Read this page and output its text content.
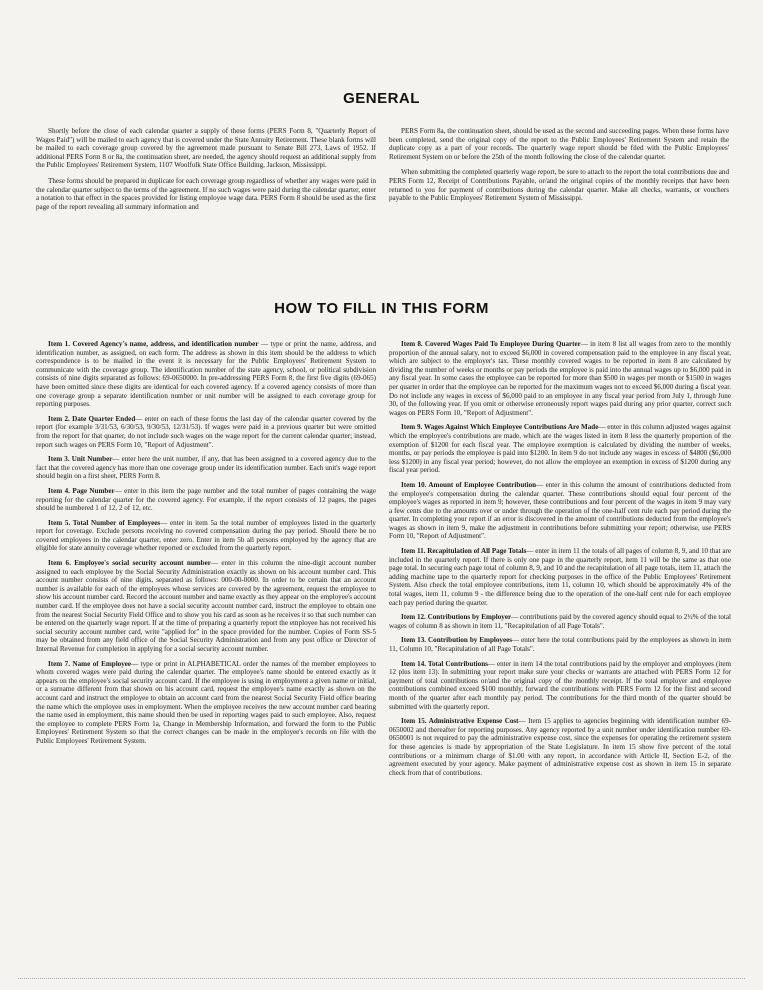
GENERAL

Shortly before the close of each calendar quarter a supply of these forms (PERS Form 8, "Quarterly Report of Wages Paid") will be mailed to each agency that is covered under the State Annuity Retirement. These blank forms will be mailed to each coverage group covered by the agreement made pursuant to Senate Bill 273, Laws of 1952. If additional PERS Form 8 or 8a, the continuation sheet, are needed, the agency should request an additional supply from the Public Employees' Retirement System, 1107 Woolfolk State Office Building, Jackson, Mississippi.

These forms should be prepared in duplicate for each coverage group regardless of whether any wages were paid in the calendar quarter subject to the terms of the agreement. If no such wages were paid during the calendar quarter, enter a notation to that effect in the spaces provided for listing employee wage data. PERS Form 8 should be used as the first page of the report revealing all summary information and

PERS Form 8a, the continuation sheet, should be used as the second and succeeding pages. When these forms have been completed, send the original copy of the report to the Public Employees' Retirement System and retain the duplicate copy as a part of your records. The quarterly wage report should be filed with the Public Employees' Retirement System on or before the 25th of the month following the close of the calendar quarter.

When submitting the completed quarterly wage report, be sure to attach to the report the total contributions due and PERS Form 12, Receipt of Contributions Payable, or/and the original copies of the monthly receipts that have been returned to you for payment of contributions during the calendar quarter. Make all checks, warrants, or vouchers payable to the Public Employees' Retirement System of Mississippi.

HOW TO FILL IN THIS FORM

Item 1. Covered Agency's name, address, and identification number — type or print the name, address, and identification number, as assigned, on each form. The address as shown in this item should be the address to which correspondence is to be mailed in the event it is necessary for the Public Employees' Retirement System to communicate with the coverage group. The identification number of the state agency, school, or political subdivision consists of nine digits separated as follows: 69-0650000. In pre-addressing PERS Form 8, the first five digits (69-065) have been omitted since these digits are identical for each covered agency. If a covered agency consists of more than one coverage group a separate identification number or unit number will be assigned to each coverage group for reporting purposes.

Item 2. Date Quarter Ended— enter on each of these forms the last day of the calendar quarter covered by the report (for example 3/31/53, 6/30/53, 9/30/53, 12/31/53). If wages were paid in a previous quarter but were omitted from the report for that quarter, do not include such wages on the wage report for the current calendar quarter; instead, report such wages on PERS Form 10, "Report of Adjustment".

Item 3. Unit Number— enter here the unit number, if any, that has been assigned to a covered agency due to the fact that the covered agency has more than one coverage group under its identification number. Each unit's wage report should begin on a first sheet, PERS Form 8.

Item 4. Page Number— enter in this item the page number and the total number of pages containing the wage reporting for the calendar quarter for the covered agency. For example, if the report consists of 12 pages, the pages should be numbered 1 of 12, 2 of 12, etc.

Item 5. Total Number of Employees— enter in item 5a the total number of employees listed in the quarterly report for coverage. Exclude persons receiving no covered compensation during the pay period. Should there be no covered employees in the calendar quarter, enter zero. Enter in item 5b all persons employed by the agency that are eligible for state annuity coverage whether reported or excluded from the quarterly report.

Item 6. Employee's social security account number— enter in this column the nine-digit account number assigned to each employee by the Social Security Administration exactly as shown on his account number card. This account number consists of nine digits, separated as follows: 000-00-0000. In order to be certain that an account number is available for each of the employees whose services are covered by the agreement, request the employee to show his account number card. Record the account number and name exactly as they appear on the employee's account number card. If the employee does not have a social security account number card, instruct the employee to obtain one from the nearest Social Security Field Office and to show you his card as soon as he receives it so that such number can be entered on the quarterly wage report. If at the time of preparing a quarterly report the employee has not received his social security account number card, write "applied for" in the space provided for the number. Copies of Form SS-5 may be obtained from any field office of the Social Security Administration and from any post office or Director of Internal Revenue for completion in applying for a social security account number.

Item 7. Name of Employee— type or print in ALPHABETICAL order the names of the member employees to whom covered wages were paid during the calendar quarter. The employee's name should be entered exactly as it appears on the employee's social security account card. If the employee is using in employment a given name or initial, or a surname different from that shown on his account card, request the employee's name exactly as shown on the account card and instruct the employee to obtain an account card from the nearest Social Security Field office bearing the name which the employee uses in employment. When the employee receives the new account number card bearing the name used in employment, this name should then be used in reporting wages paid to such employee. Also, request the employee to complete PERS Form 1a, Change in Membership Information, and forward the form to the Public Employees' Retirement System so that the correct changes can be made in the employee's records on file with the Public Employees' Retirement System.

Item 8. Covered Wages Paid To Employee During Quarter— in item 8 list all wages from zero to the monthly proportion of the annual salary, not to exceed $6,000 in covered compensation paid to the employee in any fiscal year, which are subject to the employer's tax. These monthly covered wages to be reported in item 8 are calculated by dividing the number of weeks or months or pay periods the employee is paid into the annual wages up to $6,000 paid in any fiscal year. In some cases the employee can be reported for more than $500 in wages per month or $1500 in wages per quarter in order that the employee can be reported for the maximum wages not to exceed $6,000 during a fiscal year. Do not include any wages in excess of $6,000 paid to an employee in any fiscal year period from July 1, through June 30, of the following year. If you omit or otherwise erroneously report wages paid during any prior quarter, correct such wages on PERS Form 10, "Report of Adjustment".

Item 9. Wages Against Which Employee Contributions Are Made— enter in this column adjusted wages against which the employee's contributions are made, which are the wages listed in item 8 less the quarterly proportion of the exemption of $1200 for each fiscal year. The employee exemption is calculated by dividing the number of weeks, months, or pay periods the employee is paid into $1200. In item 9 do not include any wages in excess of $4800 ($6,000 less $1200) in any fiscal year period; however, do not allow the employee an exemption in excess of $1200 during any fiscal year period.

Item 10. Amount of Employee Contribution— enter in this column the amount of contributions deducted from the employee's compensation during the calendar quarter. These contributions should equal four percent of the employee's wages as reported in item 9; however, these contributions and four percent of the wages in item 9 may vary a few cents due to the amounts over or under through the operation of the one-half cent rule each pay period during the quarter. In completing your report if an error is discovered in the amount of contributions deducted from the employee's wages as shown in item 9, make the adjustment in contributions before submitting your report; otherwise, use PERS Form 10, "Report of Adjustment".

Item 11. Recapitulation of All Page Totals— enter in item 11 the totals of all pages of column 8, 9, and 10 that are included in the quarterly report. If there is only one page in the quarterly report, item 11 will be the same as that one page total. In securing each page total of column 8, 9, and 10 and the recapitulation of all page totals, item 11, attach the adding machine tape to the quarterly report for checking purposes in the office of the Public Employees' Retirement System. Also check the total employee contributions, item 11, column 10, which should be approximately 4% of the total wages, item 11, column 9 - the difference being due to the operation of the one-half cent rule for each employee each pay period during the quarter.

Item 12. Contributions by Employer— contributions paid by the covered agency should equal to 2½% of the total wages of column 8 as shown in item 11, "Recapitulation of all Page Totals".

Item 13. Contribution by Employees— enter here the total contributions paid by the employees as shown in item 11, Column 10, "Recapitulation of all Page Totals".

Item 14. Total Contributions— enter in item 14 the total contributions paid by the employer and employees (item 12 plus item 13). In submitting your report make sure your checks or warrants are attached with PERS Form 12 for payment of total contributions or/and the original copy of the monthly receipt. If the total employer and employee contributions combined exceed $100 monthly, forward the contributions with PERS Form 12 for the first and second month of the quarter after each monthly pay period. The contributions for the third month of the quarter should be submitted with the quarterly report.

Item 15. Administrative Expense Cost— Item 15 applies to agencies beginning with identification number 69-0650002 and thereafter for reporting purposes. Any agency reported by a unit number under identification number 69-0650001 is not required to pay the administrative expense cost, since the expenses for operating the retirement system for these agencies is made by appropriation of the State Legislature. In item 15 show five percent of the total contributions or a minimum charge of $1.00 with any report, in accordance with Article II, Section E-2, of the agreement executed by your agency. Make payment of administrative expense cost as shown in item 15 in separate check from that of contributions.
